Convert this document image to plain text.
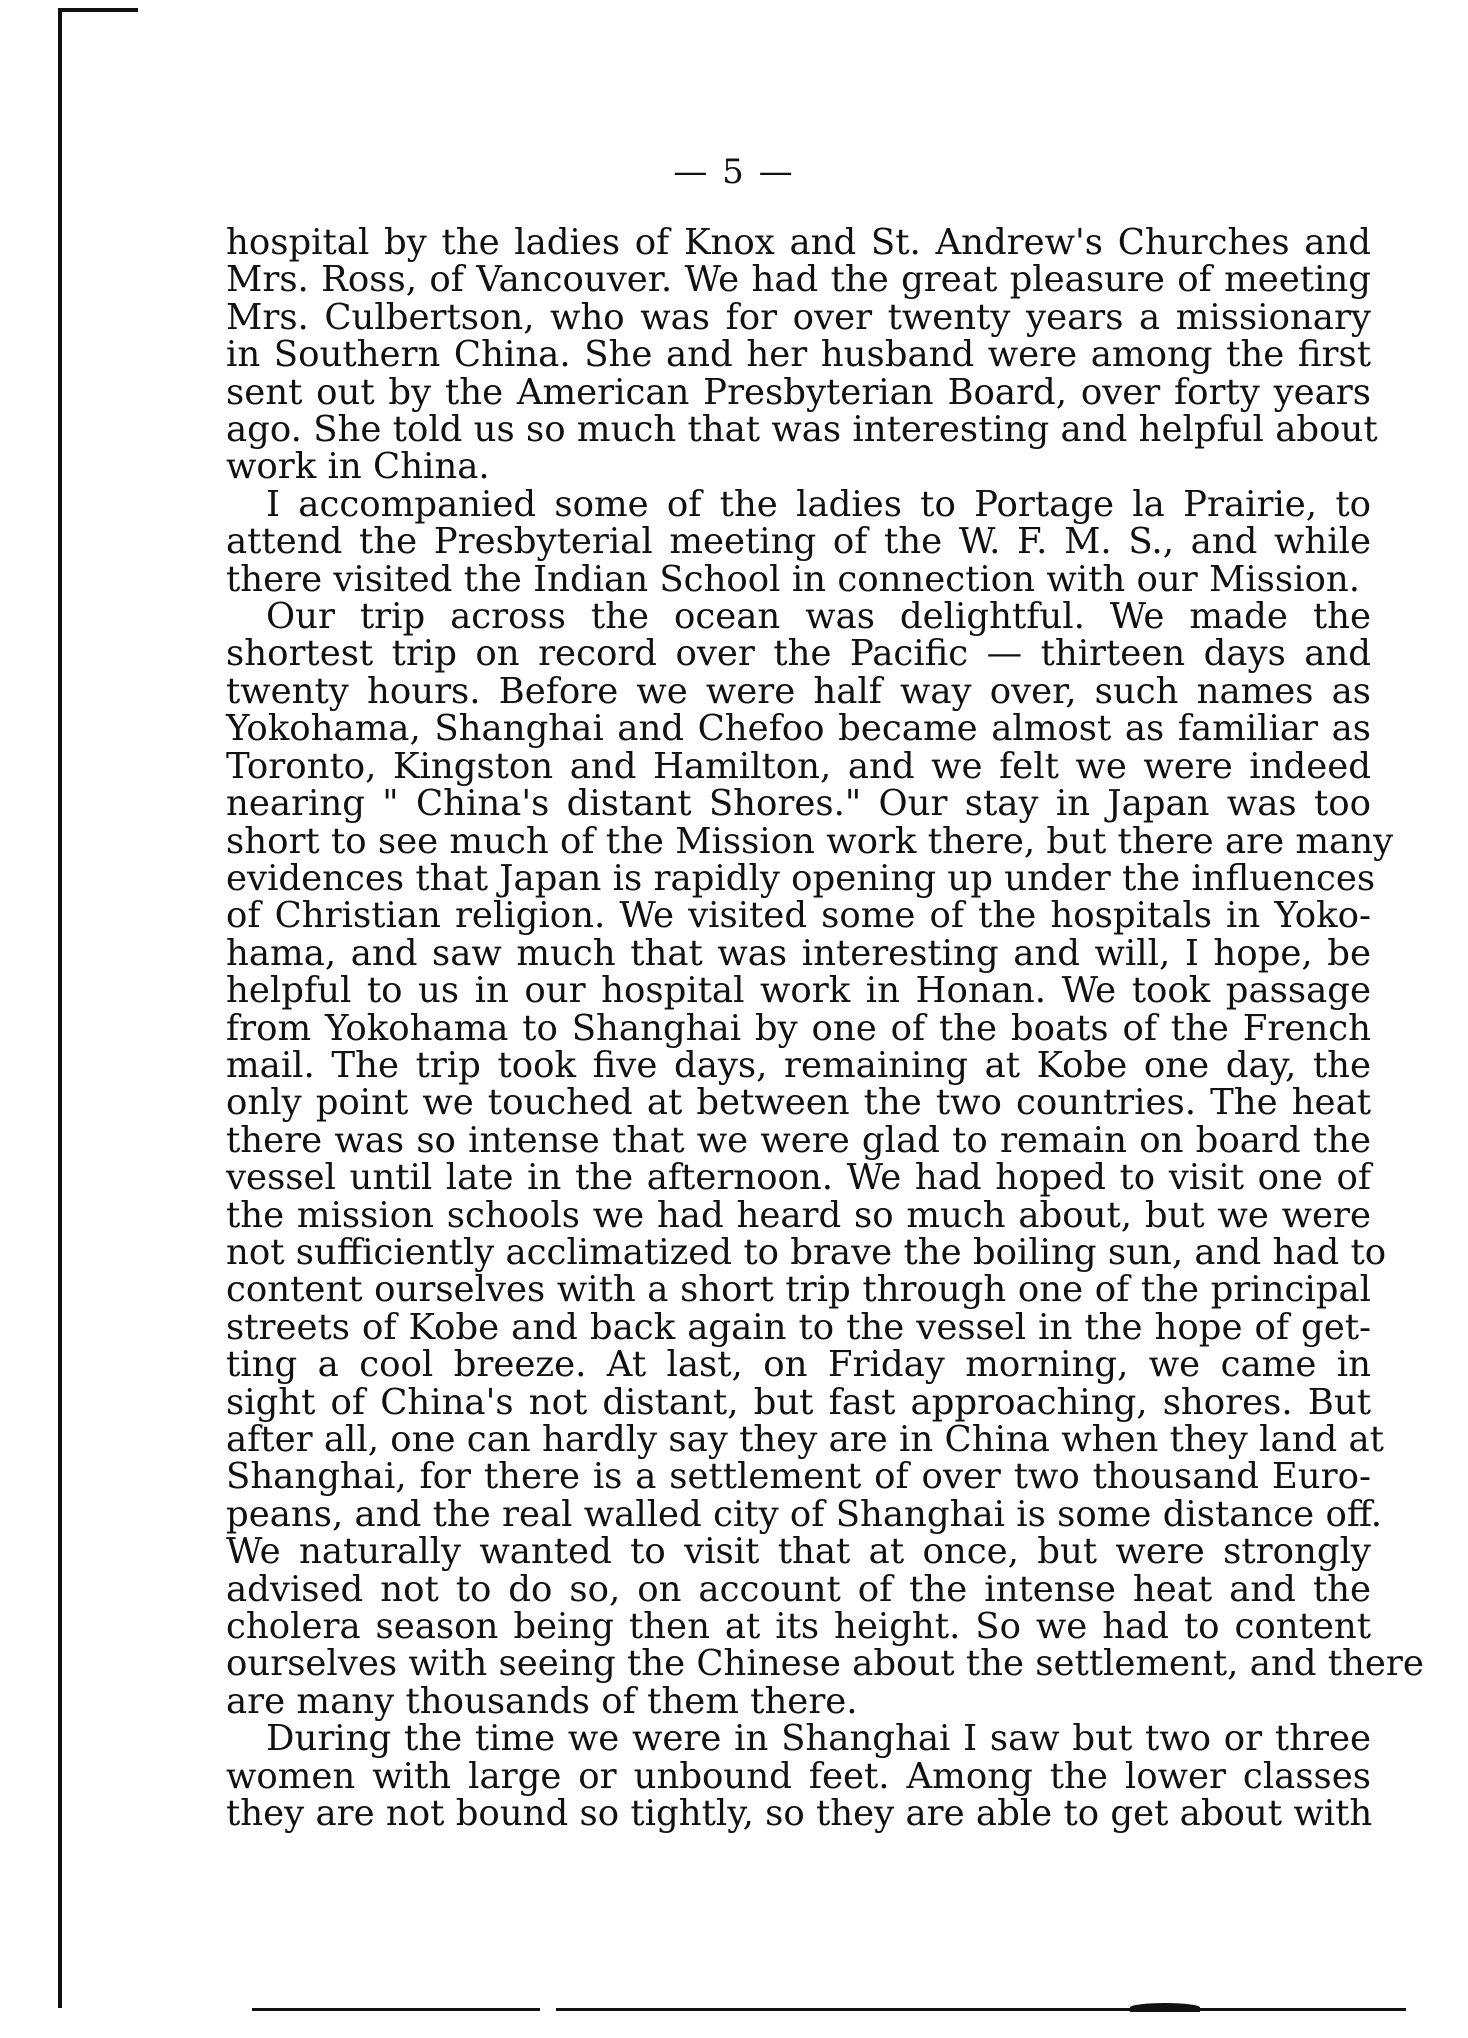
— 5 —
hospital by the ladies of Knox and St. Andrew's Churches and
Mrs. Ross, of Vancouver. We had the great pleasure of meeting
Mrs. Culbertson, who was for over twenty years a missionary
in Southern China. She and her husband were among the first
sent out by the American Presbyterian Board, over forty years
ago. She told us so much that was interesting and helpful about
work in China.
I accompanied some of the ladies to Portage la Prairie, to
attend the Presbyterial meeting of the W. F. M. S., and while
there visited the Indian School in connection with our Mission.
Our trip across the ocean was delightful. We made the
shortest trip on record over the Pacific — thirteen days and
twenty hours. Before we were half way over, such names as
Yokohama, Shanghai and Chefoo became almost as familiar as
Toronto, Kingston and Hamilton, and we felt we were indeed
nearing " China's distant Shores." Our stay in Japan was too
short to see much of the Mission work there, but there are many
evidences that Japan is rapidly opening up under the influences
of Christian religion. We visited some of the hospitals in Yoko-
hama, and saw much that was interesting and will, I hope, be
helpful to us in our hospital work in Honan. We took passage
from Yokohama to Shanghai by one of the boats of the French
mail. The trip took five days, remaining at Kobe one day, the
only point we touched at between the two countries. The heat
there was so intense that we were glad to remain on board the
vessel until late in the afternoon. We had hoped to visit one of
the mission schools we had heard so much about, but we were
not sufficiently acclimatized to brave the boiling sun, and had to
content ourselves with a short trip through one of the principal
streets of Kobe and back again to the vessel in the hope of get-
ting a cool breeze. At last, on Friday morning, we came in
sight of China's not distant, but fast approaching, shores. But
after all, one can hardly say they are in China when they land at
Shanghai, for there is a settlement of over two thousand Euro-
peans, and the real walled city of Shanghai is some distance off.
We naturally wanted to visit that at once, but were strongly
advised not to do so, on account of the intense heat and the
cholera season being then at its height. So we had to content
ourselves with seeing the Chinese about the settlement, and there
are many thousands of them there.
During the time we were in Shanghai I saw but two or three
women with large or unbound feet. Among the lower classes
they are not bound so tightly, so they are able to get about with
